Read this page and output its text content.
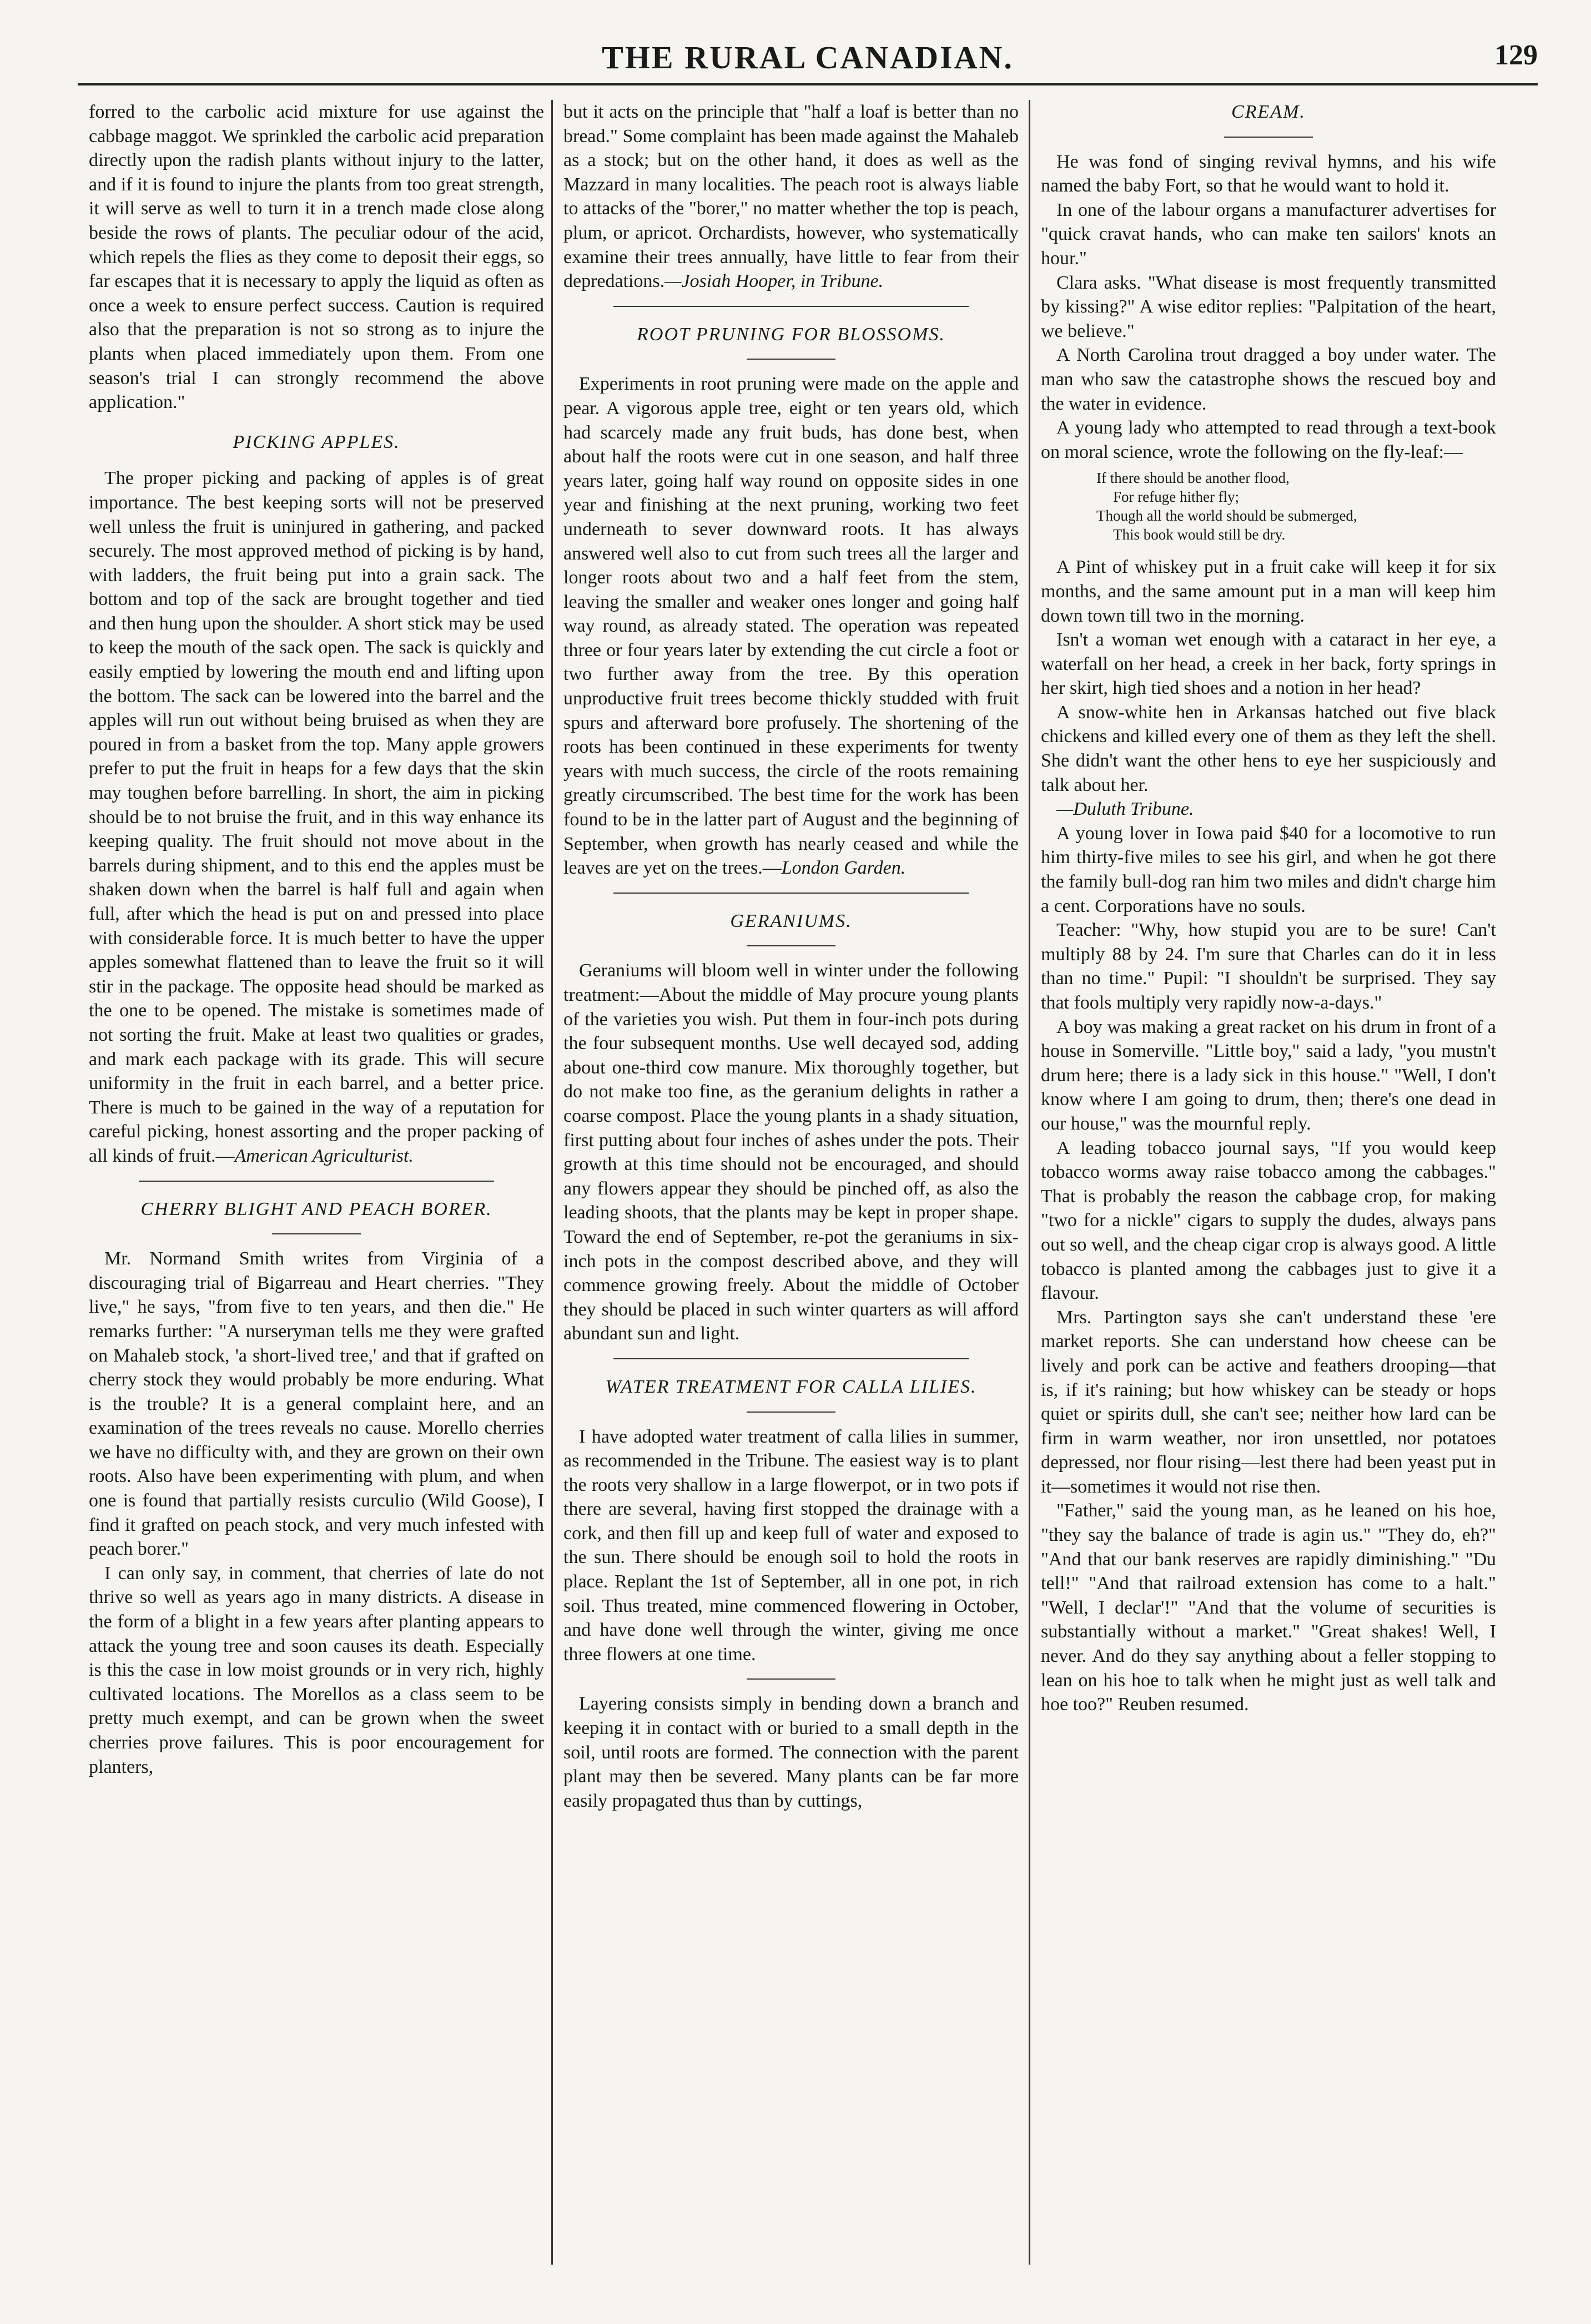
THE RURAL CANADIAN.	129

forred to the carbolic acid mixture for use against the cabbage maggot. We sprinkled the carbolic acid preparation directly upon the radish plants without injury to the latter, and if it is found to injure the plants from too great strength, it will serve as well to turn it in a trench made close along beside the rows of plants. The peculiar odour of the acid, which repels the flies as they come to deposit their eggs, so far escapes that it is necessary to apply the liquid as often as once a week to ensure perfect success. Caution is required also that the preparation is not so strong as to injure the plants when placed immediately upon them. From one season's trial I can strongly recommend the above application."

PICKING APPLES.

The proper picking and packing of apples is of great importance. The best keeping sorts will not be preserved well unless the fruit is uninjured in gathering, and packed securely. The most approved method of picking is by hand, with ladders, the fruit being put into a grain sack. The bottom and top of the sack are brought together and tied and then hung upon the shoulder. A short stick may be used to keep the mouth of the sack open. The sack is quickly and easily emptied by lowering the mouth end and lifting upon the bottom. The sack can be lowered into the barrel and the apples will run out without being bruised as when they are poured in from a basket from the top. Many apple growers prefer to put the fruit in heaps for a few days that the skin may toughen before barrelling. In short, the aim in picking should be to not bruise the fruit, and in this way enhance its keeping quality. The fruit should not move about in the barrels during shipment, and to this end the apples must be shaken down when the barrel is half full and again when full, after which the head is put on and pressed into place with considerable force. It is much better to have the upper apples somewhat flattened than to leave the fruit so it will stir in the package. The opposite head should be marked as the one to be opened. The mistake is sometimes made of not sorting the fruit. Make at least two qualities or grades, and mark each package with its grade. This will secure uniformity in the fruit in each barrel, and a better price. There is much to be gained in the way of a reputation for careful picking, honest assorting and the proper packing of all kinds of fruit.—American Agriculturist.

CHERRY BLIGHT AND PEACH BORER.

Mr. Normand Smith writes from Virginia of a discouraging trial of Bigarreau and Heart cherries. "They live," he says, "from five to ten years, and then die." He remarks further: "A nurseryman tells me they were grafted on Mahaleb stock, 'a short-lived tree,' and that if grafted on cherry stock they would probably be more enduring. What is the trouble? It is a general complaint here, and an examination of the trees reveals no cause. Morello cherries we have no difficulty with, and they are grown on their own roots. Also have been experimenting with plum, and when one is found that partially resists curculio (Wild Goose), I find it grafted on peach stock, and very much infested with peach borer."

I can only say, in comment, that cherries of late do not thrive so well as years ago in many districts. A disease in the form of a blight in a few years after planting appears to attack the young tree and soon causes its death. Especially is this the case in low moist grounds or in very rich, highly cultivated locations. The Morellos as a class seem to be pretty much exempt, and can be grown when the sweet cherries prove failures. This is poor encouragement for planters,

but it acts on the principle that "half a loaf is better than no bread." Some complaint has been made against the Mahaleb as a stock; but on the other hand, it does as well as the Mazzard in many localities. The peach root is always liable to attacks of the "borer," no matter whether the top is peach, plum, or apricot. Orchardists, however, who systematically examine their trees annually, have little to fear from their depredations.—Josiah Hooper, in Tribune.

ROOT PRUNING FOR BLOSSOMS.

Experiments in root pruning were made on the apple and pear. A vigorous apple tree, eight or ten years old, which had scarcely made any fruit buds, has done best, when about half the roots were cut in one season, and half three years later, going half way round on opposite sides in one year and finishing at the next pruning, working two feet underneath to sever downward roots. It has always answered well also to cut from such trees all the larger and longer roots about two and a half feet from the stem, leaving the smaller and weaker ones longer and going half way round, as already stated. The operation was repeated three or four years later by extending the cut circle a foot or two further away from the tree. By this operation unproductive fruit trees become thickly studded with fruit spurs and afterward bore profusely. The shortening of the roots has been continued in these experiments for twenty years with much success, the circle of the roots remaining greatly circumscribed. The best time for the work has been found to be in the latter part of August and the beginning of September, when growth has nearly ceased and while the leaves are yet on the trees.—London Garden.

GERANIUMS.

Geraniums will bloom well in winter under the following treatment:—About the middle of May procure young plants of the varieties you wish. Put them in four-inch pots during the four subsequent months. Use well decayed sod, adding about one-third cow manure. Mix thoroughly together, but do not make too fine, as the geranium delights in rather a coarse compost. Place the young plants in a shady situation, first putting about four inches of ashes under the pots. Their growth at this time should not be encouraged, and should any flowers appear they should be pinched off, as also the leading shoots, that the plants may be kept in proper shape. Toward the end of September, re-pot the geraniums in six-inch pots in the compost described above, and they will commence growing freely. About the middle of October they should be placed in such winter quarters as will afford abundant sun and light.

WATER TREATMENT FOR CALLA LILIES.

I have adopted water treatment of calla lilies in summer, as recommended in the Tribune. The easiest way is to plant the roots very shallow in a large flowerpot, or in two pots if there are several, having first stopped the drainage with a cork, and then fill up and keep full of water and exposed to the sun. There should be enough soil to hold the roots in place. Replant the 1st of September, all in one pot, in rich soil. Thus treated, mine commenced flowering in October, and have done well through the winter, giving me once three flowers at one time.

Layering consists simply in bending down a branch and keeping it in contact with or buried to a small depth in the soil, until roots are formed. The connection with the parent plant may then be severed. Many plants can be far more easily propagated thus than by cuttings,

CREAM.

He was fond of singing revival hymns, and his wife named the baby Fort, so that he would want to hold it.

In one of the labour organs a manufacturer advertises for "quick cravat hands, who can make ten sailors' knots an hour."

Clara asks. "What disease is most frequently transmitted by kissing?" A wise editor replies: "Palpitation of the heart, we believe."

A North Carolina trout dragged a boy under water. The man who saw the catastrophe shows the rescued boy and the water in evidence.

A young lady who attempted to read through a text-book on moral science, wrote the following on the fly-leaf:—

If there should be another flood,
For refuge hither fly;
Though all the world should be submerged,
This book would still be dry.

A Pint of whiskey put in a fruit cake will keep it for six months, and the same amount put in a man will keep him down town till two in the morning.

Isn't a woman wet enough with a cataract in her eye, a waterfall on her head, a creek in her back, forty springs in her skirt, high tied shoes and a notion in her head?

A snow-white hen in Arkansas hatched out five black chickens and killed every one of them as they left the shell. She didn't want the other hens to eye her suspiciously and talk about her.

—Duluth Tribune.

A young lover in Iowa paid $40 for a locomotive to run him thirty-five miles to see his girl, and when he got there the family bull-dog ran him two miles and didn't charge him a cent. Corporations have no souls.

Teacher: "Why, how stupid you are to be sure! Can't multiply 88 by 24. I'm sure that Charles can do it in less than no time." Pupil: "I shouldn't be surprised. They say that fools multiply very rapidly now-a-days."

A boy was making a great racket on his drum in front of a house in Somerville. "Little boy," said a lady, "you mustn't drum here; there is a lady sick in this house." "Well, I don't know where I am going to drum, then; there's one dead in our house," was the mournful reply.

A leading tobacco journal says, "If you would keep tobacco worms away raise tobacco among the cabbages." That is probably the reason the cabbage crop, for making "two for a nickle" cigars to supply the dudes, always pans out so well, and the cheap cigar crop is always good. A little tobacco is planted among the cabbages just to give it a flavour.

Mrs. Partington says she can't understand these 'ere market reports. She can understand how cheese can be lively and pork can be active and feathers drooping—that is, if it's raining; but how whiskey can be steady or hops quiet or spirits dull, she can't see; neither how lard can be firm in warm weather, nor iron unsettled, nor potatoes depressed, nor flour rising—lest there had been yeast put in it—sometimes it would not rise then.

"Father," said the young man, as he leaned on his hoe, "they say the balance of trade is agin us." "They do, eh?" "And that our bank reserves are rapidly diminishing." "Du tell!" "And that railroad extension has come to a halt." "Well, I declar'!" "And that the volume of securities is substantially without a market." "Great shakes! Well, I never. And do they say anything about a feller stopping to lean on his hoe to talk when he might just as well talk and hoe too?" Reuben resumed.
